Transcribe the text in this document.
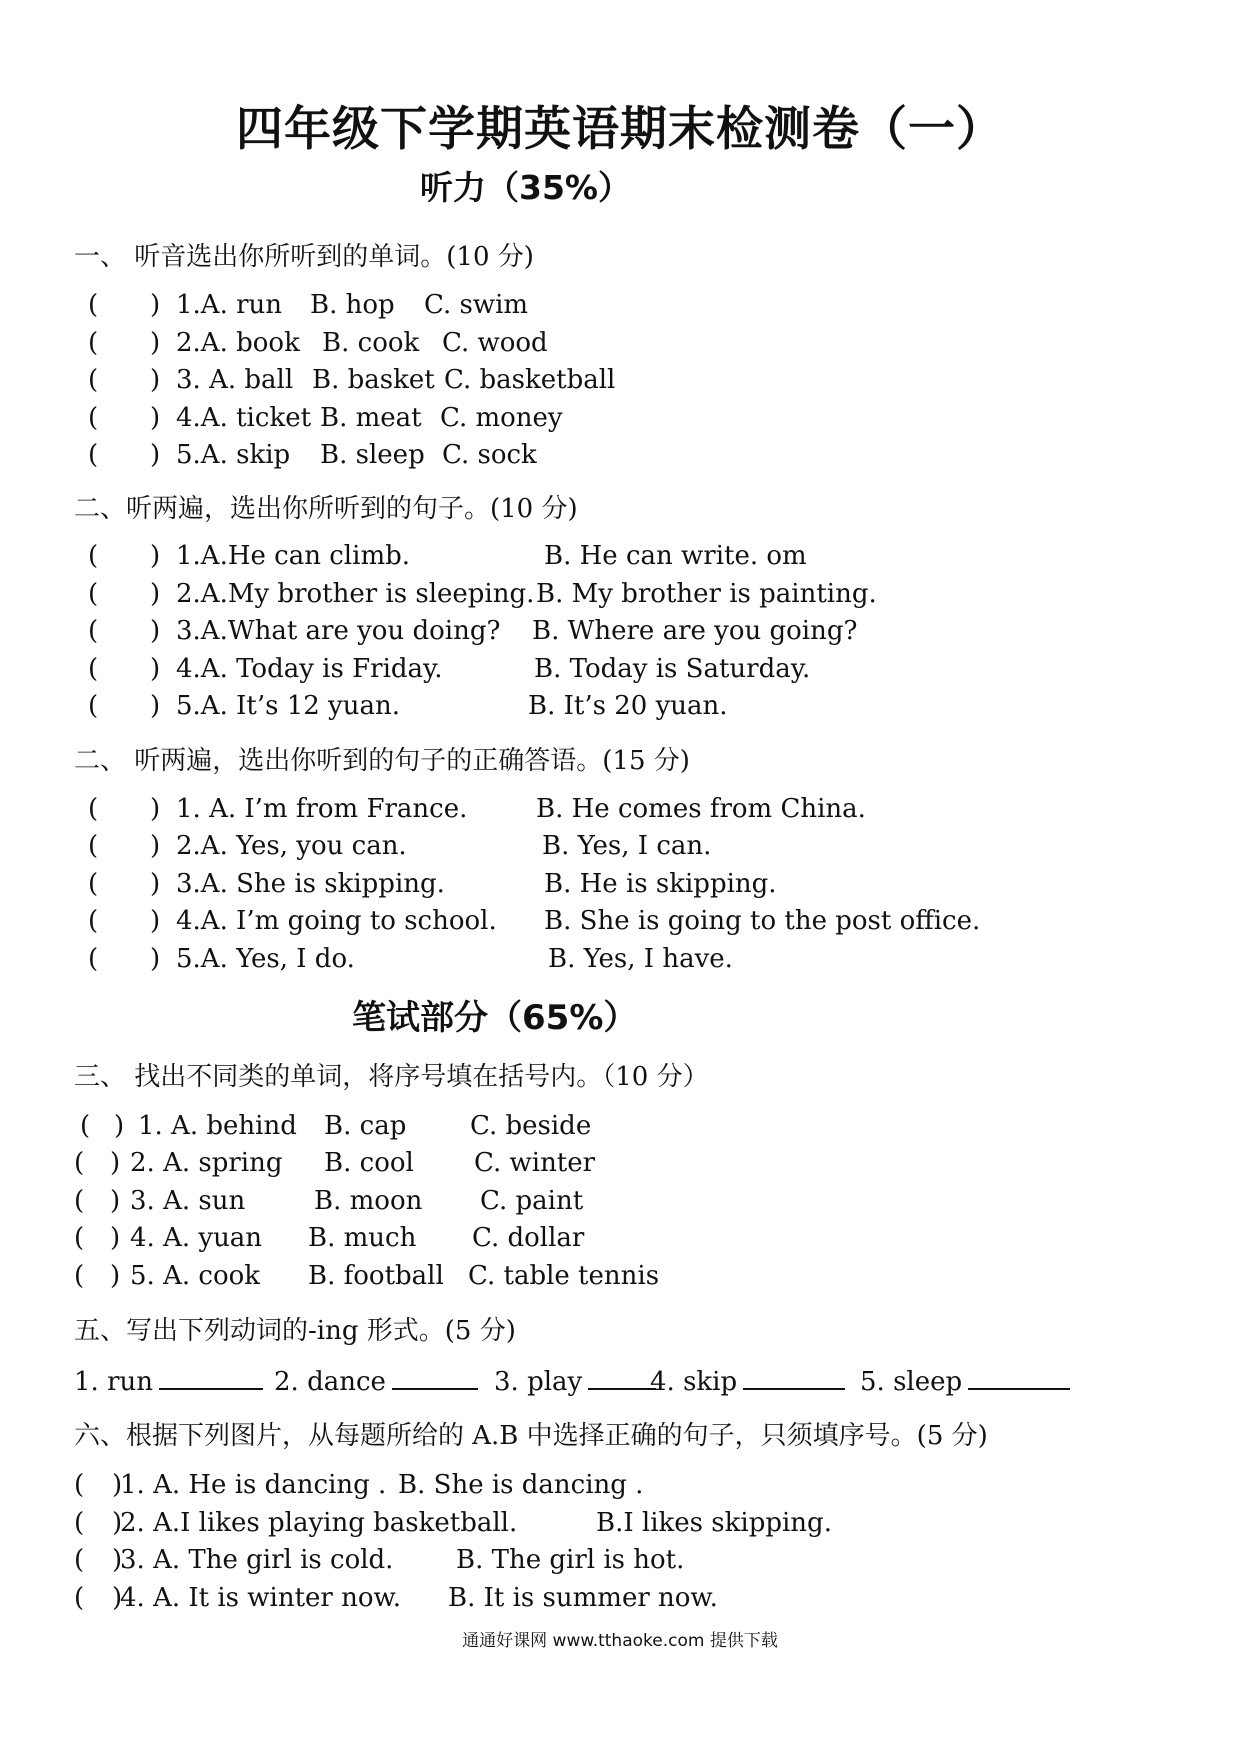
四年级下学期英语期末检测卷（一）
听力（35%）
一、 听音选出你所听到的单词。(10 分)
( ) 1.A. run B. hop C. swim
( ) 2.A. book B. cook C. wood
( ) 3. A. ball B. basket C. basketball
( ) 4.A. ticket B. meat C. money
( ) 5.A. skip B. sleep C. sock
二、听两遍，选出你所听到的句子。(10 分)
( ) 1.A.He can climb.	B. He can write. om
( ) 2.A.My brother is sleeping. B. My brother is painting.
( ) 3.A.What are you doing? B. Where are you going?
( ) 4.A. Today is Friday.	B. Today is Saturday.
( ) 5.A. It’s 12 yuan.	B. It’s 20 yuan.
二、 听两遍，选出你听到的句子的正确答语。(15 分)
( ) 1. A. I’m from France.	B. He comes from China.
( ) 2.A. Yes, you can.	B. Yes, I can.
( ) 3.A. She is skipping.	B. He is skipping.
( ) 4.A. I’m going to school. B. She is going to the post office.
( ) 5.A. Yes, I do.	B. Yes, I have.
笔试部分（65%）
三、 找出不同类的单词，将序号填在括号内。（10 分）
( ) 1. A. behind B. cap C. beside
( ) 2. A. spring B. cool C. winter
( ) 3. A. sun	B. moon C. paint
( ) 4. A. yuan B. much C. dollar
( ) 5. A. cook B. football C. table tennis
五、写出下列动词的-ing 形式。(5 分)
1. run	2. dance	3. play	4. skip	5. sleep
六、根据下列图片，从每题所给的 A.B 中选择正确的句子，只须填序号。(5 分)
( )
1. A. He is dancing . B. She is dancing .
( )
2. A.I likes playing basketball.	B.I likes skipping.
( )
3. A. The girl is cold. B. The girl is hot.
( )
4. A. It is winter now. B. It is summer now.
通通好课网 www.tthaoke.com 提供下载
